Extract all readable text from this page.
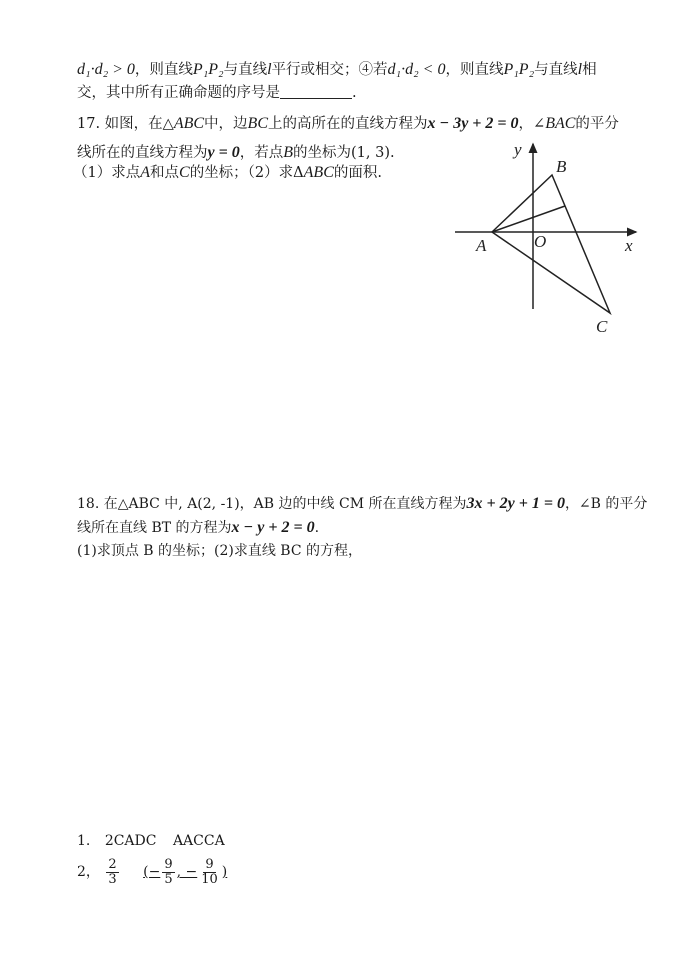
d₁·d₂ > 0，则直线P₁P₂与直线l平行或相交；④若d₁·d₂ < 0，则直线P₁P₂与直线l相
交，其中所有正确命题的序号是	.
17. 如图，在△ABC中，边BC上的高所在的直线方程为x − 3y + 2 = 0，∠BAC的平分
线所在的直线方程为y = 0，若点B的坐标为(1, 3).
（1）求点A和点C的坐标；（2）求ΔABC的面积.
y
B
A	O	x
C
18. 在△ABC 中, A(2, -1)，AB 边的中线 CM 所在直线方程为3x + 2y + 1 = 0，∠B 的平分
线所在直线 BT 的方程为x − y + 2 = 0.
(1)求顶点 B 的坐标；(2)求直线 BC 的方程，
1. 2CADC AACCA
2， $\frac{2}{3}$ (− $\frac{9}{5}$ , − $\frac{9}{10}$ )
